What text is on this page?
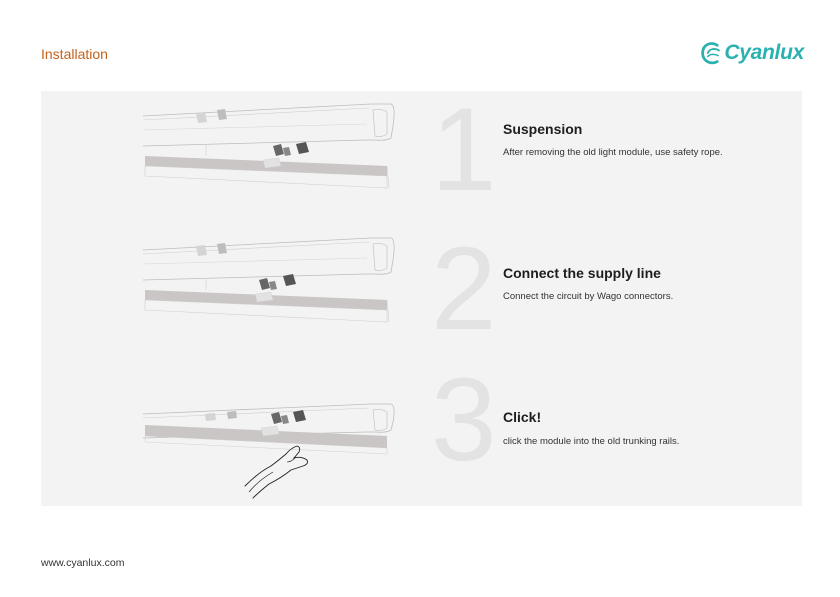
Installation	Cyanlux
1 Suspension
After removing the old light module, use safety rope.
2 Connect the supply line
Connect the circuit by Wago connectors.
3 Click!
click the module into the old trunking rails.
www.cyanlux.com
